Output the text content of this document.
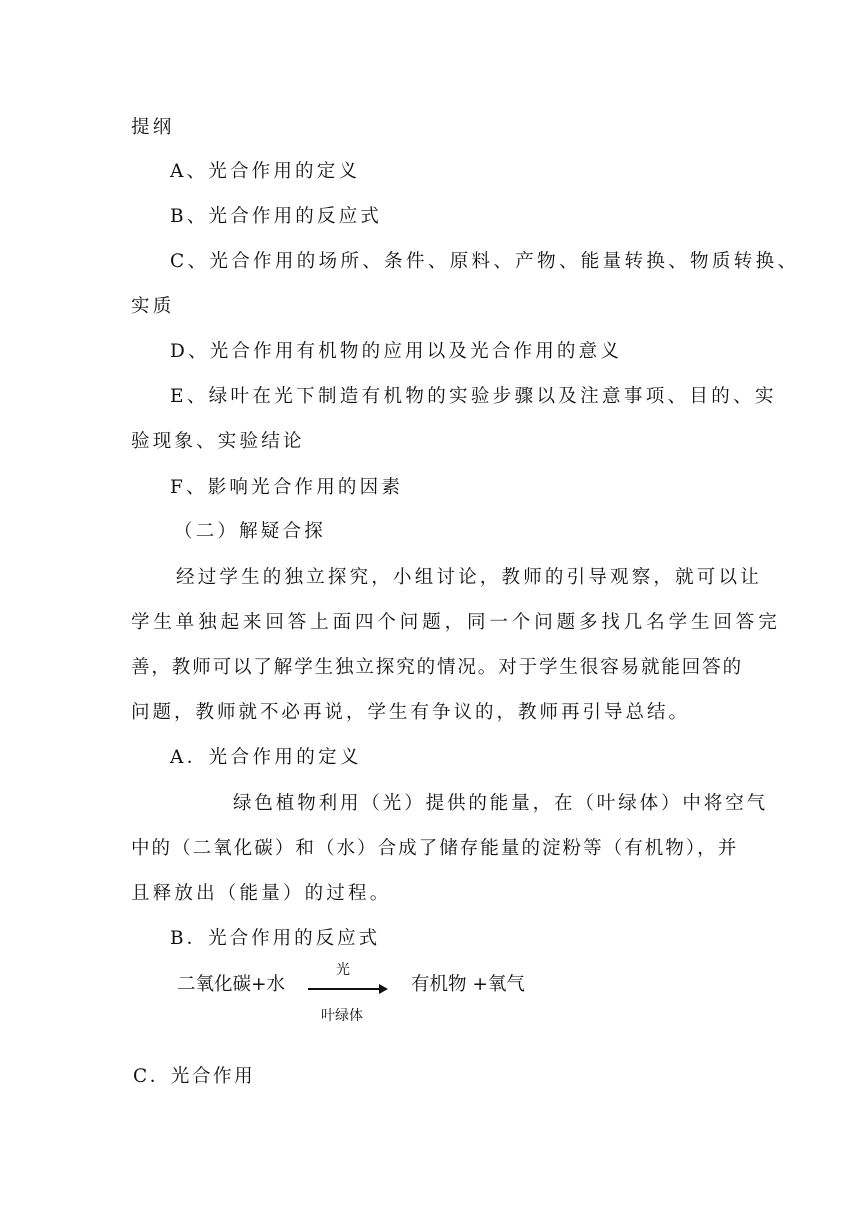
提纲
A、光合作用的定义
B、光合作用的反应式
C、光合作用的场所、条件、原料、产物、能量转换、物质转换、
实质
D、光合作用有机物的应用以及光合作用的意义
E、绿叶在光下制造有机物的实验步骤以及注意事项、目的、实
验现象、实验结论
F、影响光合作用的因素
（二）解疑合探
经过学生的独立探究，小组讨论，教师的引导观察，就可以让
学生单独起来回答上面四个问题，同一个问题多找几名学生回答完
善，教师可以了解学生独立探究的情况。对于学生很容易就能回答的
问题，教师就不必再说，学生有争议的，教师再引导总结。
A．光合作用的定义
绿色植物利用（光）提供的能量，在（叶绿体）中将空气
中的（二氧化碳）和（水）合成了储存能量的淀粉等（有机物），并
且释放出（能量）的过程。
B．光合作用的反应式
二氧化碳+水
光
叶绿体
有机物 +氧气
C．光合作用
